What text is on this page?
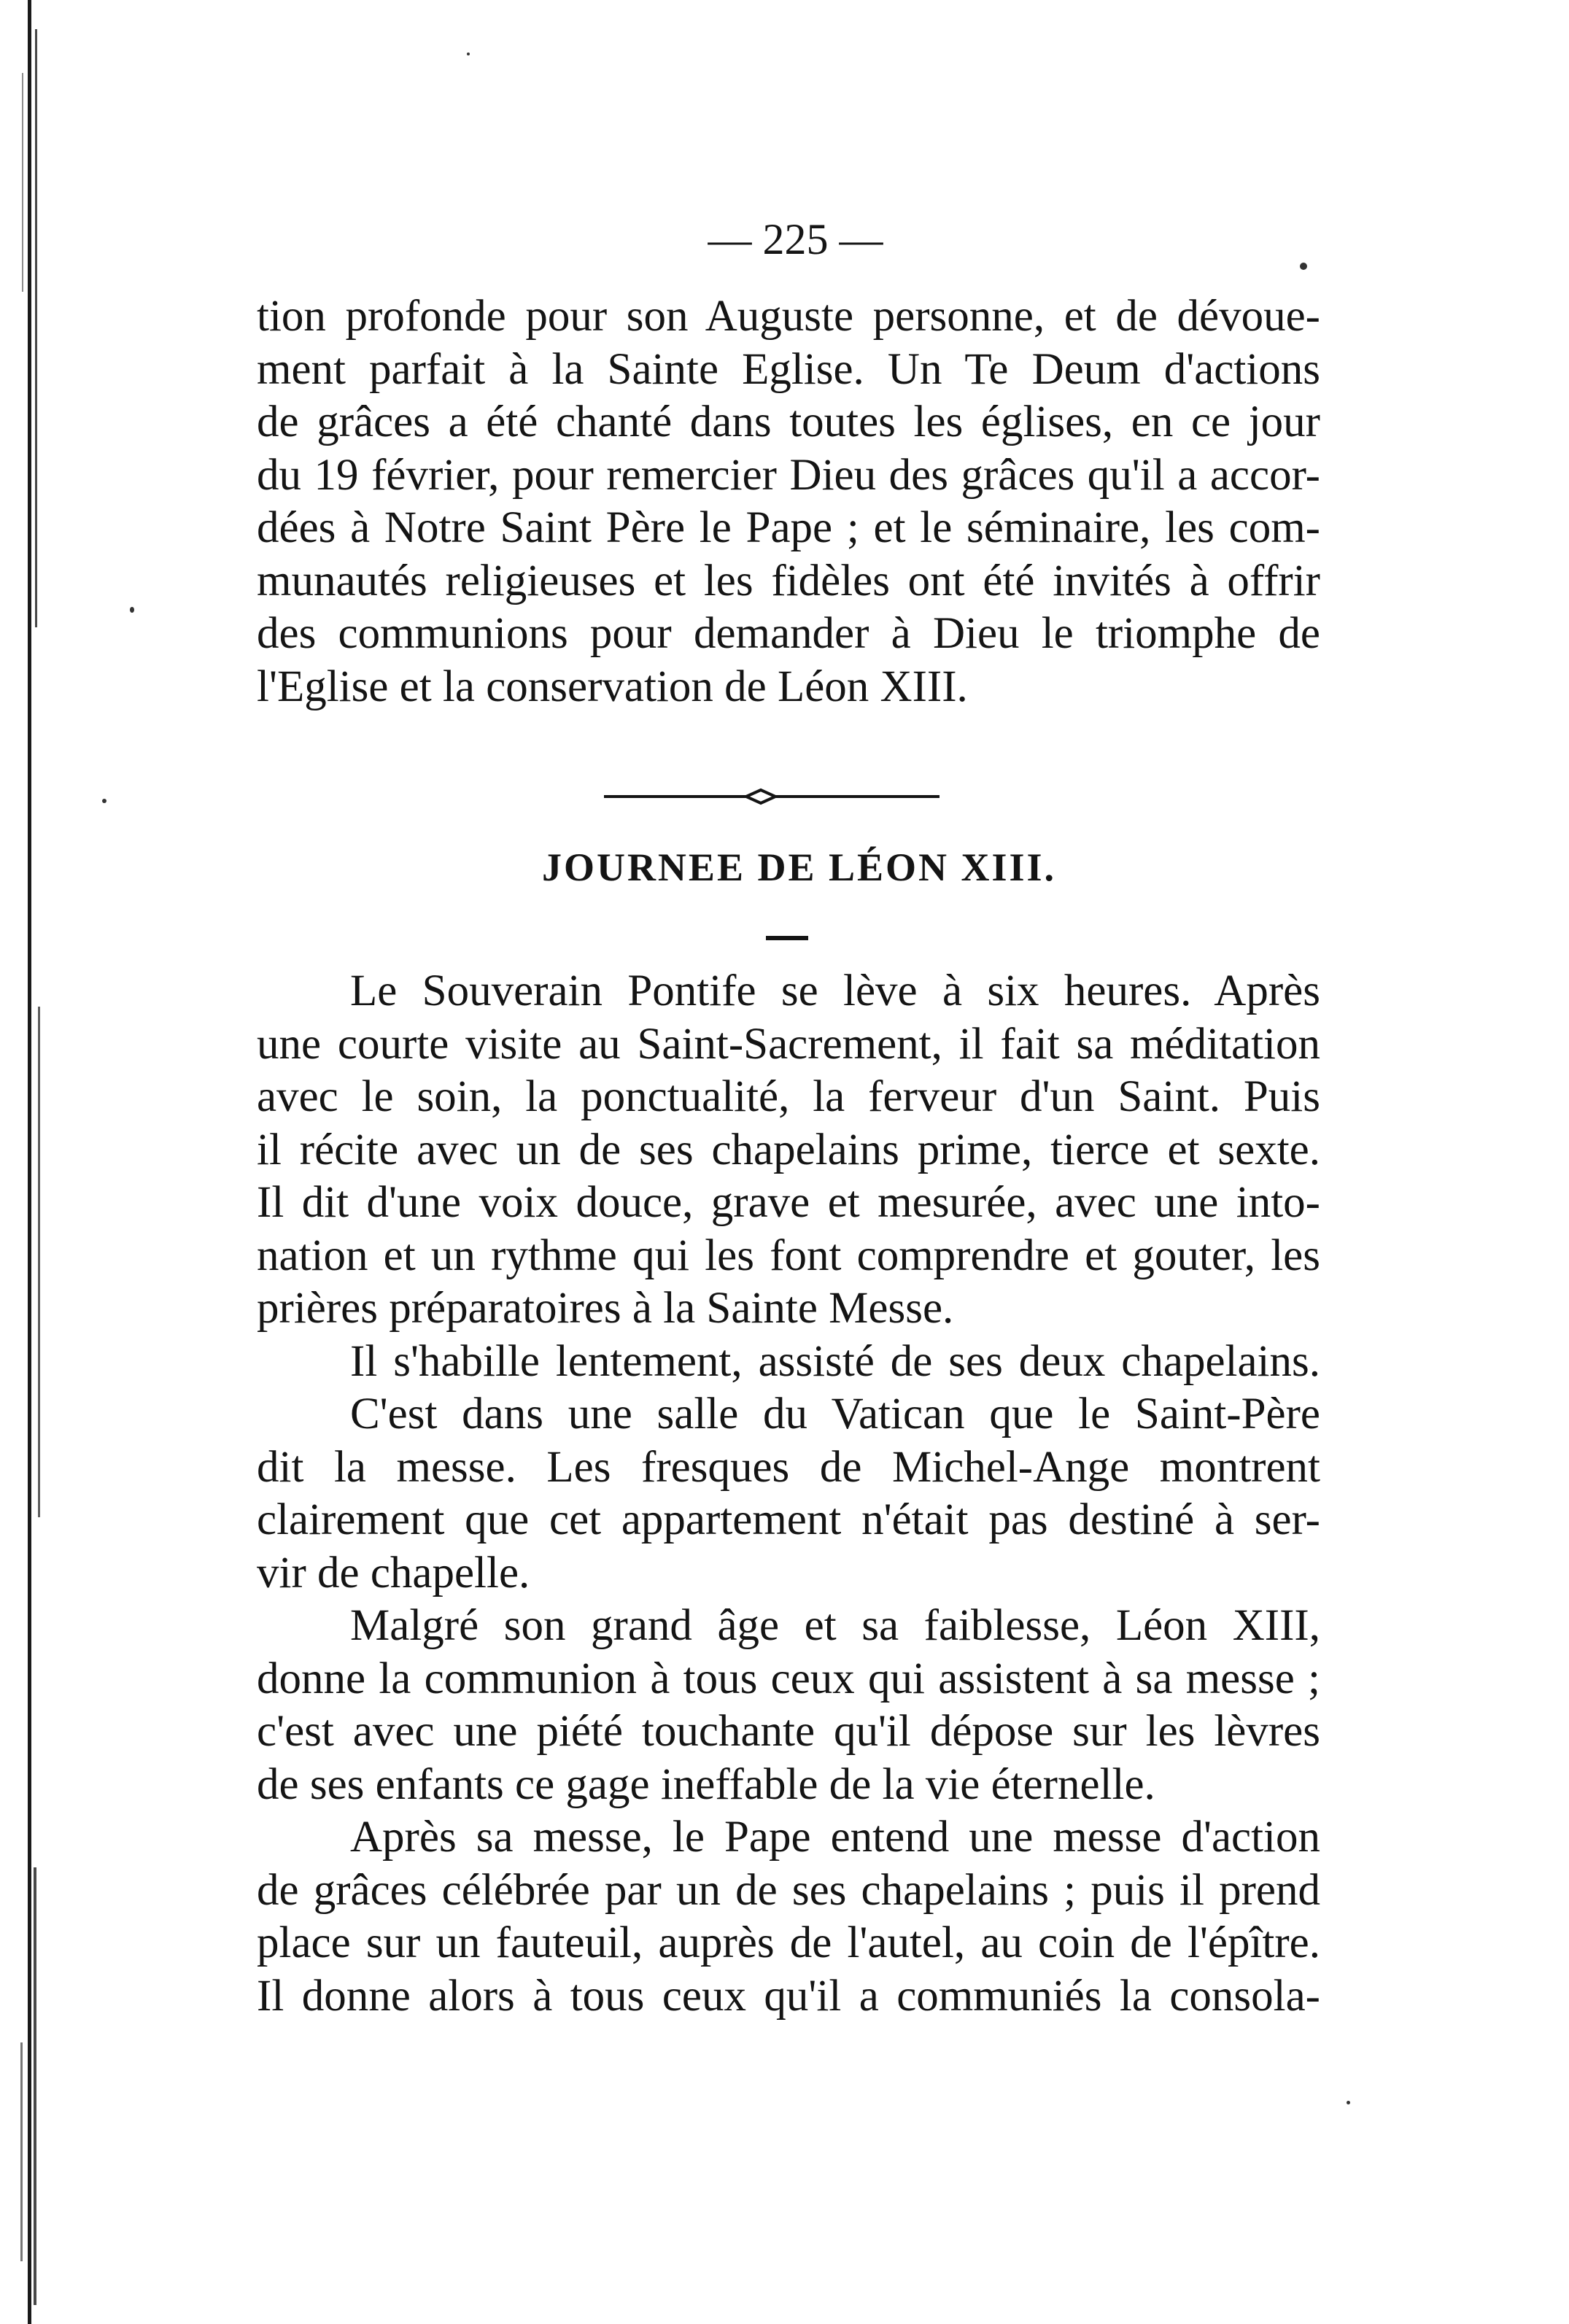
— 225 —
tion profonde pour son Auguste personne, et de dévoue-
ment parfait à la Sainte Eglise. Un Te Deum d'actions
de grâces a été chanté dans toutes les églises, en ce jour
du 19 février, pour remercier Dieu des grâces qu'il a accor-
dées à Notre Saint Père le Pape ; et le séminaire, les com-
munautés religieuses et les fidèles ont été invités à offrir
des communions pour demander à Dieu le triomphe de
l'Eglise et la conservation de Léon XIII.
JOURNEE DE LÉON XIII.
Le Souverain Pontife se lève à six heures. Après
une courte visite au Saint-Sacrement, il fait sa méditation
avec le soin, la ponctualité, la ferveur d'un Saint. Puis
il récite avec un de ses chapelains prime, tierce et sexte.
Il dit d'une voix douce, grave et mesurée, avec une into-
nation et un rythme qui les font comprendre et gouter, les
prières préparatoires à la Sainte Messe.
Il s'habille lentement, assisté de ses deux chapelains.
C'est dans une salle du Vatican que le Saint-Père
dit la messe. Les fresques de Michel-Ange montrent
clairement que cet appartement n'était pas destiné à ser-
vir de chapelle.
Malgré son grand âge et sa faiblesse, Léon XIII,
donne la communion à tous ceux qui assistent à sa messe ;
c'est avec une piété touchante qu'il dépose sur les lèvres
de ses enfants ce gage ineffable de la vie éternelle.
Après sa messe, le Pape entend une messe d'action
de grâces célébrée par un de ses chapelains ; puis il prend
place sur un fauteuil, auprès de l'autel, au coin de l'épître.
Il donne alors à tous ceux qu'il a communiés la consola-
